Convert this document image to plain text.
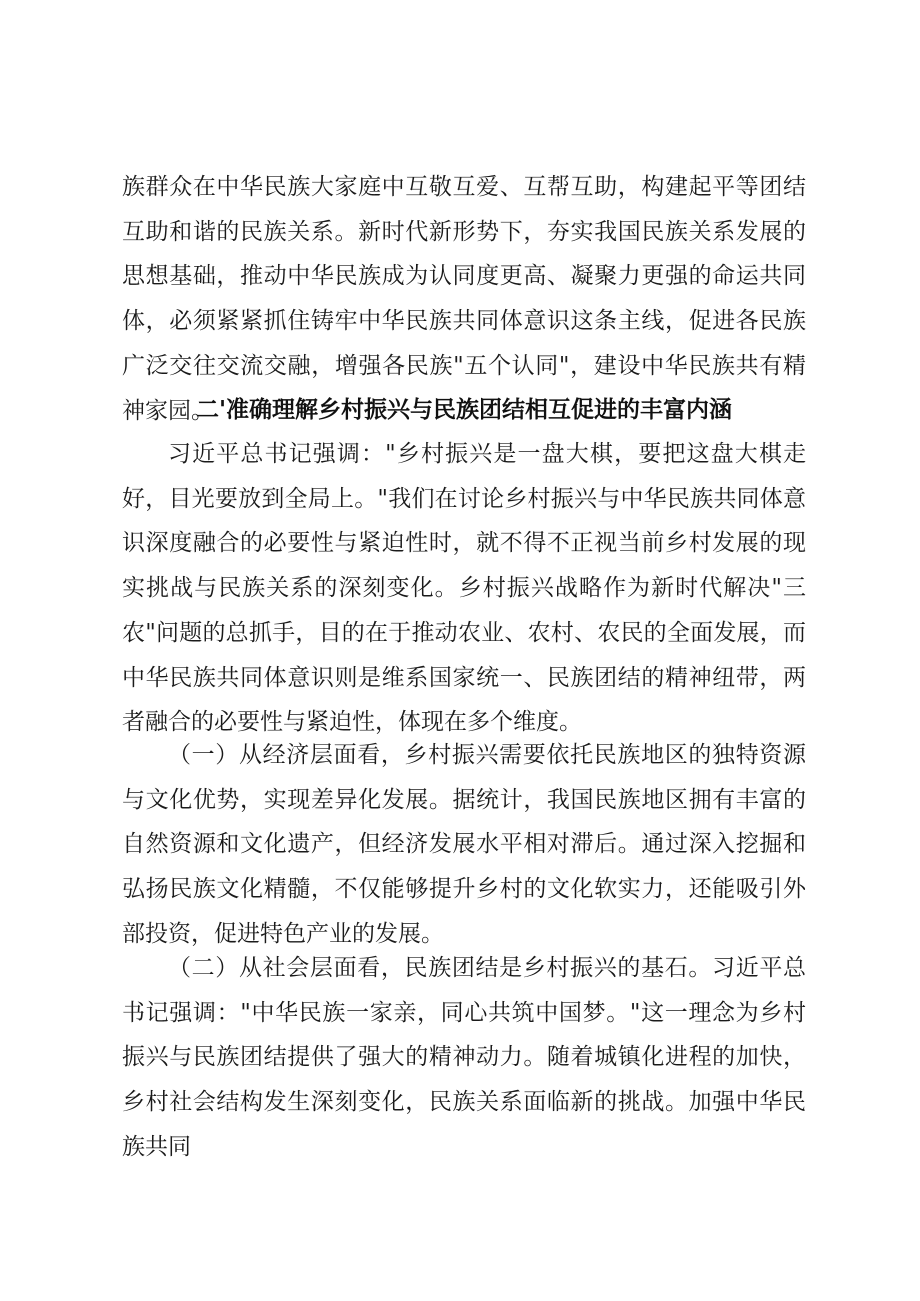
族群众在中华民族大家庭中互敬互爱、互帮互助，构建起平等团结互助和谐的民族关系。新时代新形势下，夯实我国民族关系发展的思想基础，推动中华民族成为认同度更高、凝聚力更强的命运共同体，必须紧紧抓住铸牢中华民族共同体意识这条主线，促进各民族广泛交往交流交融，增强各民族"五个认同"，建设中华民族共有精神家园。

二'准确理解乡村振兴与民族团结相互促进的丰富内涵

习近平总书记强调："乡村振兴是一盘大棋，要把这盘大棋走好，目光要放到全局上。"我们在讨论乡村振兴与中华民族共同体意识深度融合的必要性与紧迫性时，就不得不正视当前乡村发展的现实挑战与民族关系的深刻变化。乡村振兴战略作为新时代解决"三农"问题的总抓手，目的在于推动农业、农村、农民的全面发展，而中华民族共同体意识则是维系国家统一、民族团结的精神纽带，两者融合的必要性与紧迫性，体现在多个维度。

（一）从经济层面看，乡村振兴需要依托民族地区的独特资源与文化优势，实现差异化发展。据统计，我国民族地区拥有丰富的自然资源和文化遗产，但经济发展水平相对滞后。通过深入挖掘和弘扬民族文化精髓，不仅能够提升乡村的文化软实力，还能吸引外部投资，促进特色产业的发展。

（二）从社会层面看，民族团结是乡村振兴的基石。习近平总书记强调："中华民族一家亲，同心共筑中国梦。"这一理念为乡村振兴与民族团结提供了强大的精神动力。随着城镇化进程的加快，乡村社会结构发生深刻变化，民族关系面临新的挑战。加强中华民族共同
